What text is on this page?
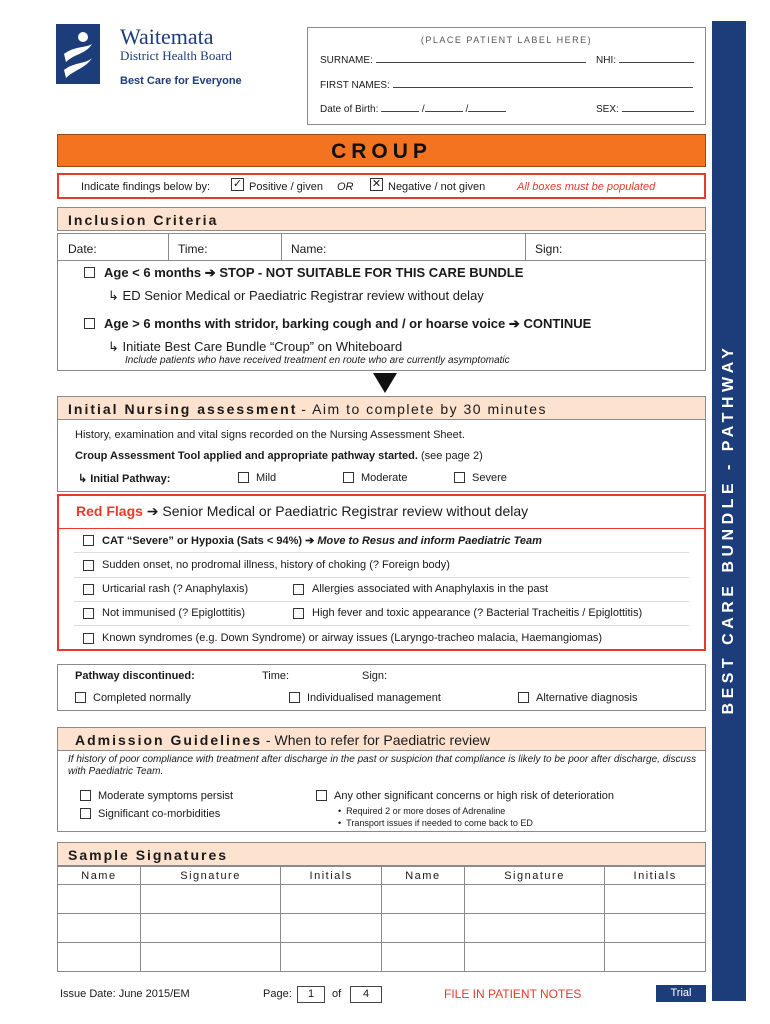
Waitemata
District Health Board
Best Care for Everyone
(PLACE PATIENT LABEL HERE)
SURNAME:	NHI:
FIRST NAMES:
Date of Birth:	/	/	SEX:
CROUP
Indicate findings below by: ✓ Positive / given OR ✕ Negative / not given	All boxes must be populated
Inclusion Criteria
Date:	Time:	Name:	Sign:
Age < 6 months ➔ STOP - NOT SUITABLE FOR THIS CARE BUNDLE
↳ ED Senior Medical or Paediatric Registrar review without delay
Age > 6 months with stridor, barking cough and / or hoarse voice ➔ CONTINUE
↳ Initiate Best Care Bundle “Croup” on Whiteboard
Include patients who have received treatment en route who are currently asymptomatic
Initial Nursing assessment - Aim to complete by 30 minutes
History, examination and vital signs recorded on the Nursing Assessment Sheet.
Croup Assessment Tool applied and appropriate pathway started. (see page 2)
↳ Initial Pathway:	Mild	Moderate	Severe
Red Flags ➔ Senior Medical or Paediatric Registrar review without delay
CAT “Severe” or Hypoxia (Sats < 94%) ➔ Move to Resus and inform Paediatric Team
Sudden onset, no prodromal illness, history of choking (? Foreign body)
Urticarial rash (? Anaphylaxis)	Allergies associated with Anaphylaxis in the past
Not immunised (? Epiglottitis)	High fever and toxic appearance (? Bacterial Tracheitis / Epiglottitis)
Known syndromes (e.g. Down Syndrome) or airway issues (Laryngo-tracheo malacia, Haemangiomas)
Pathway discontinued:	Time:	Sign:
Completed normally	Individualised management	Alternative diagnosis
Admission Guidelines - When to refer for Paediatric review
If history of poor compliance with treatment after discharge in the past or suspicion that compliance is likely to be poor after discharge, discuss with Paediatric Team.
Moderate symptoms persist
Significant co-morbidities
Any other significant concerns or high risk of deterioration
•  Required 2 or more doses of Adrenaline
•  Transport issues if needed to come back to ED
Sample Signatures
Name	Signature	Initials	Name	Signature	Initials

Issue Date: June 2015/EM	Page:	1	of	4	FILE IN PATIENT NOTES	Trial
BEST CARE BUNDLE - PATHWAY
